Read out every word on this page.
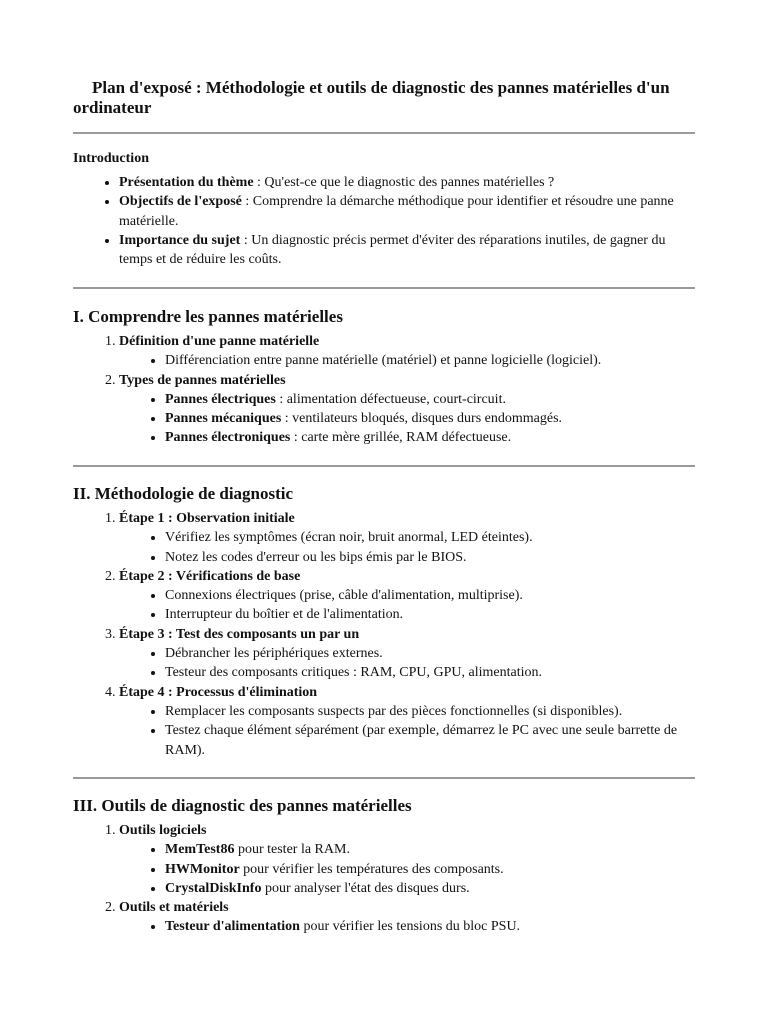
Plan d'exposé : Méthodologie et outils de diagnostic des pannes matérielles d'un ordinateur
Introduction
• Présentation du thème : Qu'est-ce que le diagnostic des pannes matérielles ?
• Objectifs de l'exposé : Comprendre la démarche méthodique pour identifier et résoudre une panne matérielle.
• Importance du sujet : Un diagnostic précis permet d'éviter des réparations inutiles, de gagner du temps et de réduire les coûts.
I. Comprendre les pannes matérielles
1. Définition d'une panne matérielle
• Différenciation entre panne matérielle (matériel) et panne logicielle (logiciel).
2. Types de pannes matérielles
• Pannes électriques : alimentation défectueuse, court-circuit.
• Pannes mécaniques : ventilateurs bloqués, disques durs endommagés.
• Pannes électroniques : carte mère grillée, RAM défectueuse.
II. Méthodologie de diagnostic
1. Étape 1 : Observation initiale
• Vérifiez les symptômes (écran noir, bruit anormal, LED éteintes).
• Notez les codes d'erreur ou les bips émis par le BIOS.
2. Étape 2 : Vérifications de base
• Connexions électriques (prise, câble d'alimentation, multiprise).
• Interrupteur du boîtier et de l'alimentation.
3. Étape 3 : Test des composants un par un
• Débrancher les périphériques externes.
• Testeur des composants critiques : RAM, CPU, GPU, alimentation.
4. Étape 4 : Processus d'élimination
• Remplacer les composants suspects par des pièces fonctionnelles (si disponibles).
• Testez chaque élément séparément (par exemple, démarrez le PC avec une seule barrette de RAM).
III. Outils de diagnostic des pannes matérielles
1. Outils logiciels
• MemTest86 pour tester la RAM.
• HWMonitor pour vérifier les températures des composants.
• CrystalDiskInfo pour analyser l'état des disques durs.
2. Outils et matériels
• Testeur d'alimentation pour vérifier les tensions du bloc PSU.
